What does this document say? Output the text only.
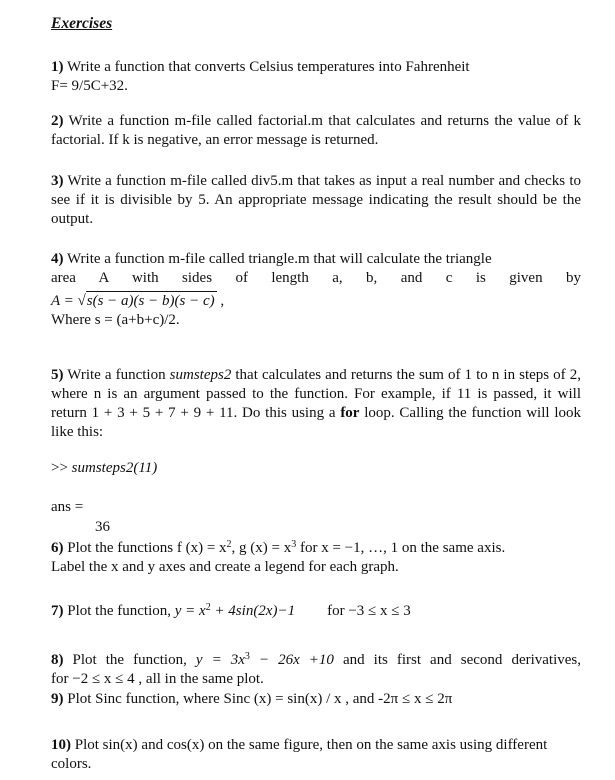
Exercises
1) Write a function that converts Celsius temperatures into Fahrenheit
F= 9/5C+32.
2) Write a function m-file called factorial.m that calculates and returns the value of k factorial. If k is negative, an error message is returned.
3) Write a function m-file called div5.m that takes as input a real number and checks to see if it is divisible by 5. An appropriate message indicating the result should be the output.
4) Write a function m-file called triangle.m that will calculate the triangle
area A with sides of length a, b, and c is given by
A = √s(s − a)(s − b)(s − c) ,
Where s = (a+b+c)/2.
5) Write a function sumsteps2 that calculates and returns the sum of 1 to n in steps of 2, where n is an argument passed to the function. For example, if 11 is passed, it will return 1 + 3 + 5 + 7 + 9 + 11. Do this using a for loop. Calling the function will look like this:
>> sumsteps2(11)
ans =
36
6) Plot the functions f $(x) = x^2$, g $(x) = x^3$ for x = −1, …, 1 on the same axis.
Label the x and y axes and create a legend for each graph.
7) Plot the function, $y = x^2 + 4\sin(2x)-1$ for −3 ≤ x ≤ 3
8) Plot the function, $y = 3x^3 - 26x +10$ and its first and second derivatives,
for −2 ≤ x ≤ 4 , all in the same plot.
9) Plot Sinc function, where Sinc (x) = sin(x) / x , and -2π ≤ x ≤ 2π
10) Plot sin(x) and cos(x) on the same figure, then on the same axis using different colors.
